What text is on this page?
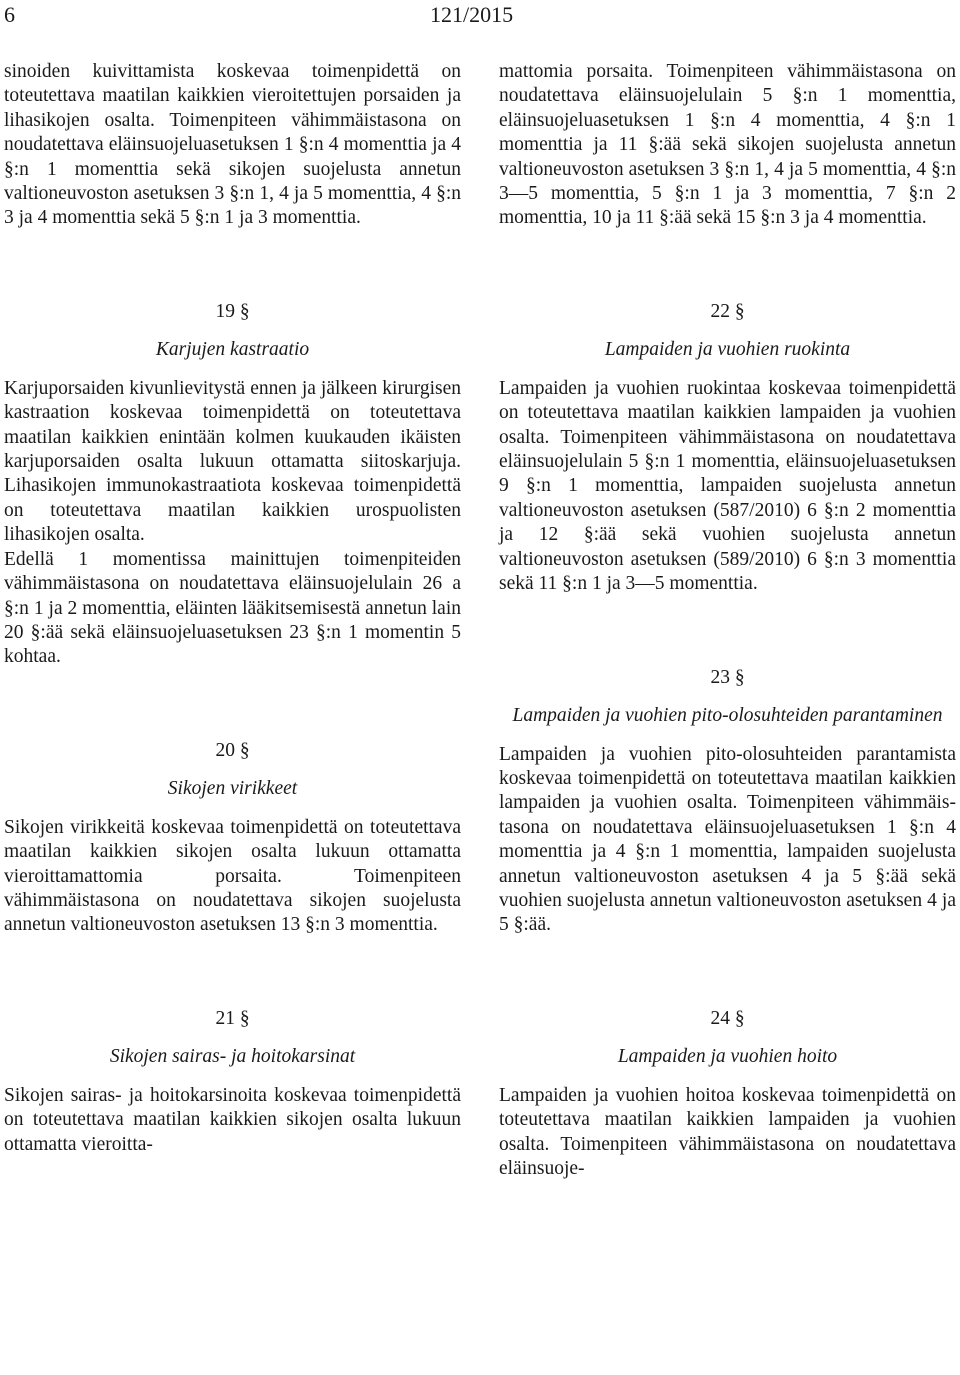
6	121/2015

sinoiden kuivittamista koskevaa toimenpidettä on toteutettava maatilan kaikkien vieroitettujen porsaiden ja lihasikojen osalta. Toimenpiteen vähimmäistasona on noudatettava eläinsuojeluasetuksen 1 §:n 4 momenttia ja 4 §:n 1 momenttia sekä sikojen suojelusta annetun valtioneuvoston asetuksen 3 §:n 1, 4 ja 5 momenttia, 4 §:n 3 ja 4 momenttia sekä 5 §:n 1 ja 3 momenttia.

19 §

Karjujen kastraatio

Karjuporsaiden kivunlievitystä ennen ja jälkeen kirurgisen kastraation koskevaa toimenpidettä on toteutettava maatilan kaikkien enintään kolmen kuukauden ikäisten karjuporsaiden osalta lukuun ottamatta siitoskarjuja. Lihasikojen immunokastraatiota koskevaa toimenpidettä on toteutettava maatilan kaikkien urospuolisten lihasikojen osalta.

Edellä 1 momentissa mainittujen toimenpiteiden vähimmäistasona on noudatettava eläinsuojelulain 26 a §:n 1 ja 2 momenttia, eläinten lääkitsemisestä annetun lain 20 §:ää sekä eläinsuojeluasetuksen 23 §:n 1 momentin 5 kohtaa.

20 §

Sikojen virikkeet

Sikojen virikkeitä koskevaa toimenpidettä on toteutettava maatilan kaikkien sikojen osalta lukuun ottamatta vieroittamattomia porsaita. Toimenpiteen vähimmäistasona on noudatettava sikojen suojelusta annetun valtioneuvoston asetuksen 13 §:n 3 momenttia.

21 §

Sikojen sairas- ja hoitokarsinat

Sikojen sairas- ja hoitokarsinoita koskevaa toimenpidettä on toteutettava maatilan kaikkien sikojen osalta lukuun ottamatta vieroitta-

mattomia porsaita. Toimenpiteen vähimmäistasona on noudatettava eläinsuojelulain 5 §:n 1 momenttia, eläinsuojeluasetuksen 1 §:n 4 momenttia, 4 §:n 1 momenttia ja 11 §:ää sekä sikojen suojelusta annetun valtioneuvoston asetuksen 3 §:n 1, 4 ja 5 momenttia, 4 §:n 3—5 momenttia, 5 §:n 1 ja 3 momenttia, 7 §:n 2 momenttia, 10 ja 11 §:ää sekä 15 §:n 3 ja 4 momenttia.

22 §

Lampaiden ja vuohien ruokinta

Lampaiden ja vuohien ruokintaa koskevaa toimenpidettä on toteutettava maatilan kaikkien lampaiden ja vuohien osalta. Toimenpiteen vähimmäistasona on noudatettava eläinsuojelulain 5 §:n 1 momenttia, eläinsuojeluasetuksen 9 §:n 1 momenttia, lampaiden suojelusta annetun valtioneuvoston asetuksen (587/2010) 6 §:n 2 momenttia ja 12 §:ää sekä vuohien suojelusta annetun valtioneuvoston asetuksen (589/2010) 6 §:n 3 momenttia sekä 11 §:n 1 ja 3—5 momenttia.

23 §

Lampaiden ja vuohien pito-olosuhteiden parantaminen

Lampaiden ja vuohien pito-olosuhteiden parantamista koskevaa toimenpidettä on toteutettava maatilan kaikkien lampaiden ja vuohien osalta. Toimenpiteen vähimmäistasona on noudatettava eläinsuojeluasetuksen 1 §:n 4 momenttia ja 4 §:n 1 momenttia, lampaiden suojelusta annetun valtioneuvoston asetuksen 4 ja 5 §:ää sekä vuohien suojelusta annetun valtioneuvoston asetuksen 4 ja 5 §:ää.

24 §

Lampaiden ja vuohien hoito

Lampaiden ja vuohien hoitoa koskevaa toimenpidettä on toteutettava maatilan kaikkien lampaiden ja vuohien osalta. Toimenpiteen vähimmäistasona on noudatettava eläinsuoje-
